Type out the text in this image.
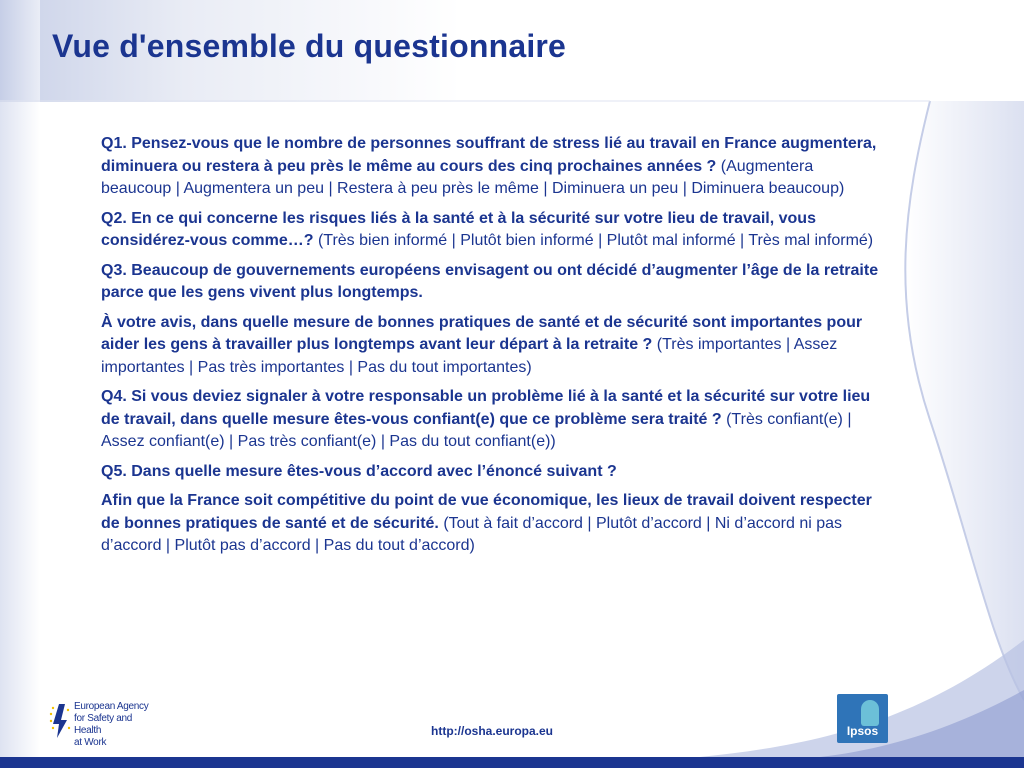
Vue d'ensemble du questionnaire

Q1. Pensez-vous que le nombre de personnes souffrant de stress lié au travail en France augmentera, diminuera ou restera à peu près le même au cours des cinq prochaines années ? (Augmentera beaucoup | Augmentera un peu | Restera à peu près le même | Diminuera un peu | Diminuera beaucoup)

Q2. En ce qui concerne les risques liés à la santé et à la sécurité sur votre lieu de travail, vous considérez-vous comme…? (Très bien informé | Plutôt bien informé | Plutôt mal informé | Très mal informé)

Q3. Beaucoup de gouvernements européens envisagent ou ont décidé d’augmenter l’âge de la retraite parce que les gens vivent plus longtemps.

À votre avis, dans quelle mesure de bonnes pratiques de santé et de sécurité sont importantes pour aider les gens à travailler plus longtemps avant leur départ à la retraite ? (Très importantes | Assez importantes | Pas très importantes | Pas du tout importantes)

Q4. Si vous deviez signaler à votre responsable un problème lié à la santé et la sécurité sur votre lieu de travail, dans quelle mesure êtes-vous confiant(e) que ce problème sera traité ? (Très confiant(e) | Assez confiant(e) | Pas très confiant(e) | Pas du tout confiant(e))

Q5. Dans quelle mesure êtes-vous d’accord avec l’énoncé suivant ?

Afin que la France soit compétitive du point de vue économique, les lieux de travail doivent respecter de bonnes pratiques de santé et de sécurité. (Tout à fait d’accord | Plutôt d’accord | Ni d’accord ni pas d’accord | Plutôt pas d’accord | Pas du tout d’accord)

European Agency
for Safety and Health
at Work
http://osha.europa.eu	Ipsos
